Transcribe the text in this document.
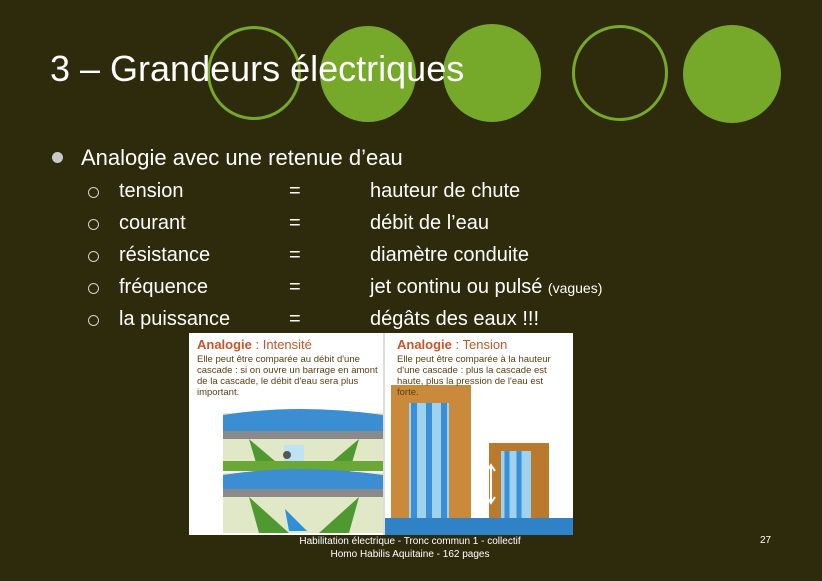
3 – Grandeurs électriques
Analogie avec une retenue d’eau
tension	=	hauteur de chute
courant	=	débit de l’eau
résistance	=	diamètre conduite
fréquence	=	jet continu ou pulsé (vagues)
la puissance	=	dégâts des eaux !!!
Analogie : Intensité
Elle peut être comparée au débit d'une cascade : si on ouvre un barrage en amont de la cascade, le débit d'eau sera plus important.
Analogie : Tension
Elle peut être comparée à la hauteur d'une cascade : plus la cascade est haute, plus la pression de l'eau est forte.
Habilitation électrique - Tronc commun 1 - collectif
Homo Habilis Aquitaine - 162 pages
27
